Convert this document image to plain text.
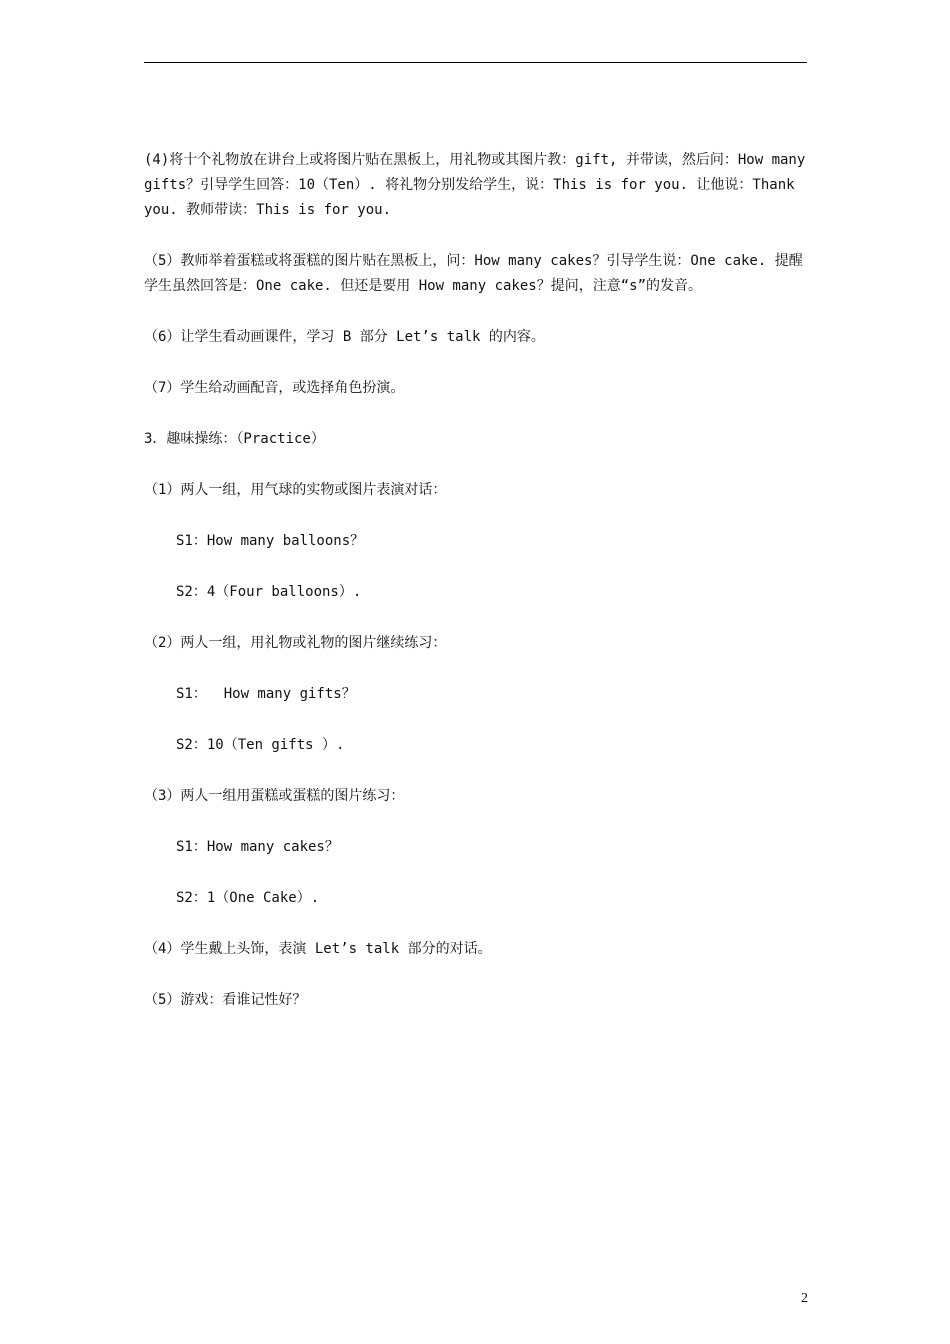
(4)将十个礼物放在讲台上或将图片贴在黑板上，用礼物或其图片教：gift, 并带读，然后问：How many gifts？引导学生回答：10（Ten）. 将礼物分别发给学生，说：This is for you. 让他说：Thank you. 教师带读：This is for you.

（5）教师举着蛋糕或将蛋糕的图片贴在黑板上，问：How many cakes？引导学生说：One cake. 提醒学生虽然回答是：One cake. 但还是要用 How many cakes？提问，注意“s”的发音。

（6）让学生看动画课件，学习 B 部分 Let’s talk 的内容。

（7）学生给动画配音，或选择角色扮演。

3．趣味操练：（Practice）

（1）两人一组，用气球的实物或图片表演对话：

S1：How many balloons？

S2：4（Four balloons）.

（2）两人一组，用礼物或礼物的图片继续练习：

S1：  How many gifts？

S2：10（Ten gifts ）.

（3）两人一组用蛋糕或蛋糕的图片练习：

S1：How many cakes？

S2：1（One Cake）.

（4）学生戴上头饰，表演 Let’s talk 部分的对话。

（5）游戏：看谁记性好？

2
